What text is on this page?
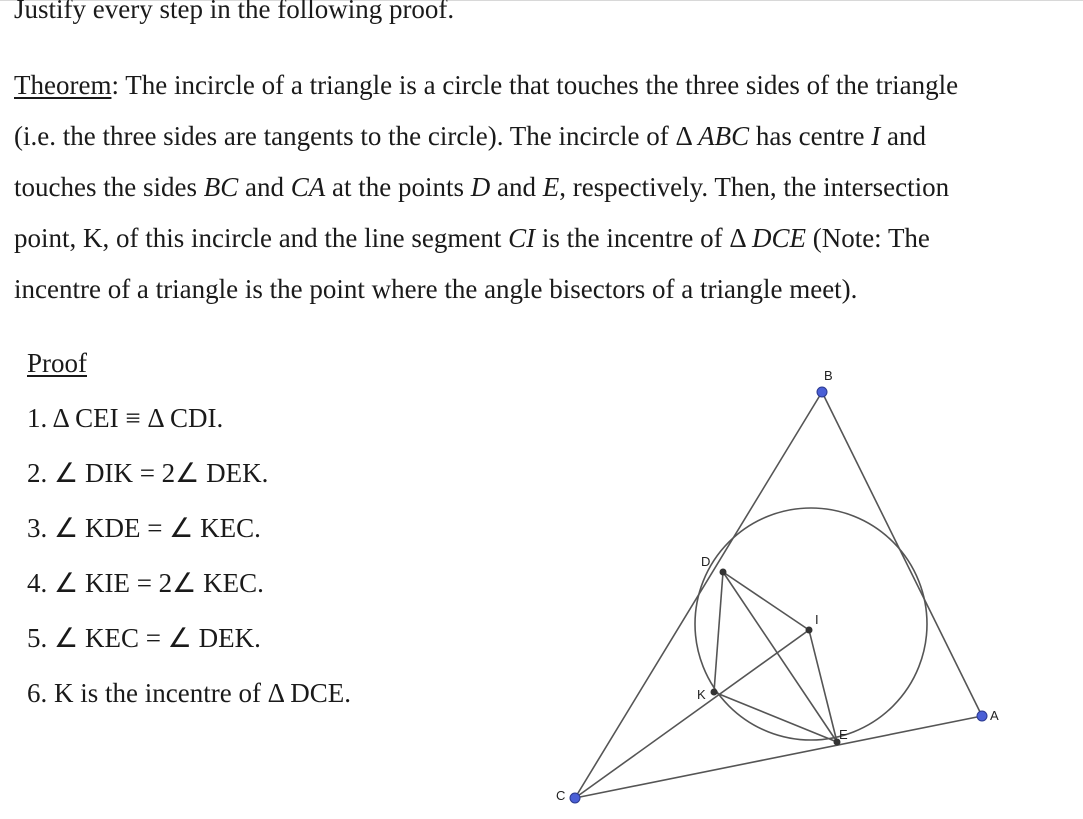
Justify every step in the following proof.
Theorem: The incircle of a triangle is a circle that touches the three sides of the triangle
(i.e. the three sides are tangents to the circle). The incircle of Δ ABC has centre I and
touches the sides BC and CA at the points D and E, respectively. Then, the intersection
point, K, of this incircle and the line segment CI is the incentre of Δ DCE (Note: The
incentre of a triangle is the point where the angle bisectors of a triangle meet).
Proof
1. Δ CEI ≡ Δ CDI.
2. ∠ DIK = 2∠ DEK.
3. ∠ KDE = ∠ KEC.
4. ∠ KIE = 2∠ KEC.
5. ∠ KEC = ∠ DEK.
6. K is the incentre of Δ DCE.
B
A
C
D
E
I
K
